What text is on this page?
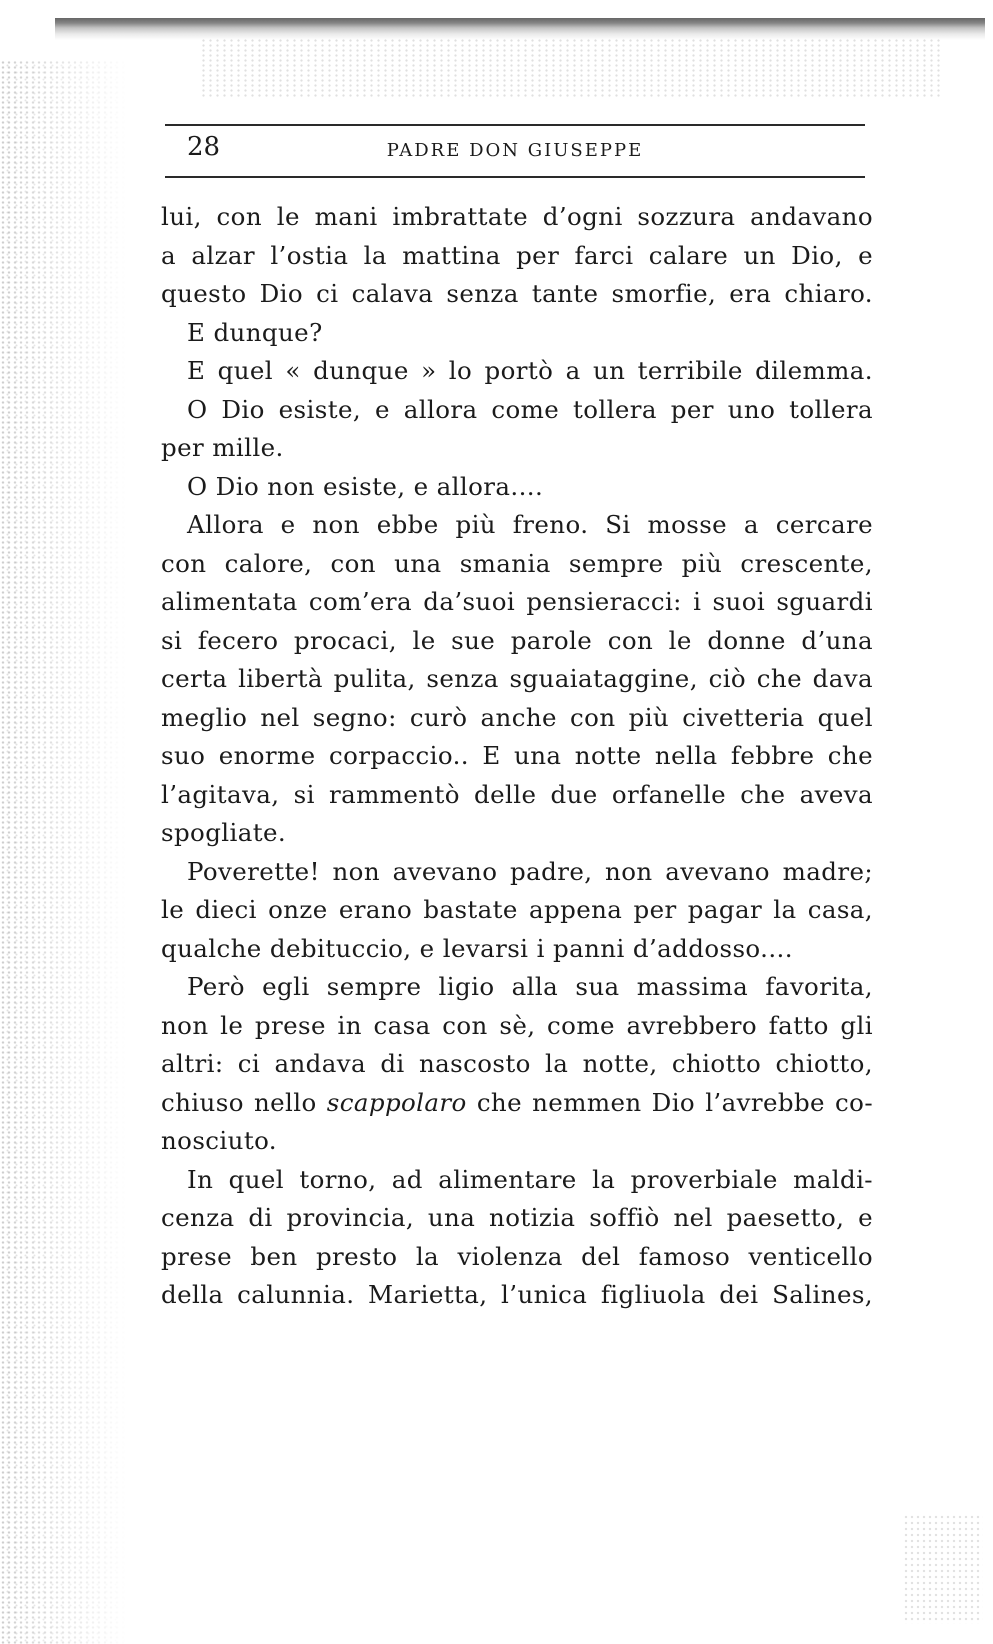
28	PADRE DON GIUSEPPE
lui, con le mani imbrattate d’ogni sozzura andavano
a alzar l’ostia la mattina per farci calare un Dio, e
questo Dio ci calava senza tante smorfie, era chiaro.
E dunque?
E quel « dunque » lo portò a un terribile dilemma.
O Dio esiste, e allora come tollera per uno tollera
per mille.
O Dio non esiste, e allora....
Allora e non ebbe più freno. Si mosse a cercare
con calore, con una smania sempre più crescente,
alimentata com’era da’suoi pensieracci: i suoi sguardi
si fecero procaci, le sue parole con le donne d’una
certa libertà pulita, senza sguaiataggine, ciò che dava
meglio nel segno: curò anche con più civetteria quel
suo enorme corpaccio.. E una notte nella febbre che
l’agitava, si rammentò delle due orfanelle che aveva
spogliate.
Poverette! non avevano padre, non avevano madre;
le dieci onze erano bastate appena per pagar la casa,
qualche debituccio, e levarsi i panni d’addosso....
Però egli sempre ligio alla sua massima favorita,
non le prese in casa con sè, come avrebbero fatto gli
altri: ci andava di nascosto la notte, chiotto chiotto,
chiuso nello scappolaro che nemmen Dio l’avrebbe co-
nosciuto.
In quel torno, ad alimentare la proverbiale maldi-
cenza di provincia, una notizia soffiò nel paesetto, e
prese ben presto la violenza del famoso venticello
della calunnia. Marietta, l’unica figliuola dei Salines,
